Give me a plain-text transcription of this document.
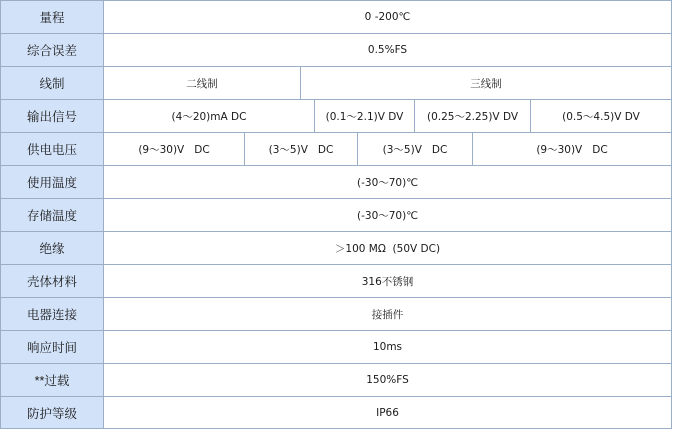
量程	0 -200℃
综合误差	0.5%FS
线制	二线制	三线制
输出信号	(4～20)mA DC	(0.1～2.1)V DV	(0.25～2.25)V DV	(0.5～4.5)V DV
供电电压	(9～30)V   DC	(3～5)V   DC	(3～5)V   DC	(9～30)V   DC
使用温度	(-30～70)℃
存储温度	(-30～70)℃
绝缘	＞100 MΩ  (50V DC)
壳体材料	316不锈钢
电器连接	接插件
响应时间	10ms
**过载	150%FS
防护等级	IP66
